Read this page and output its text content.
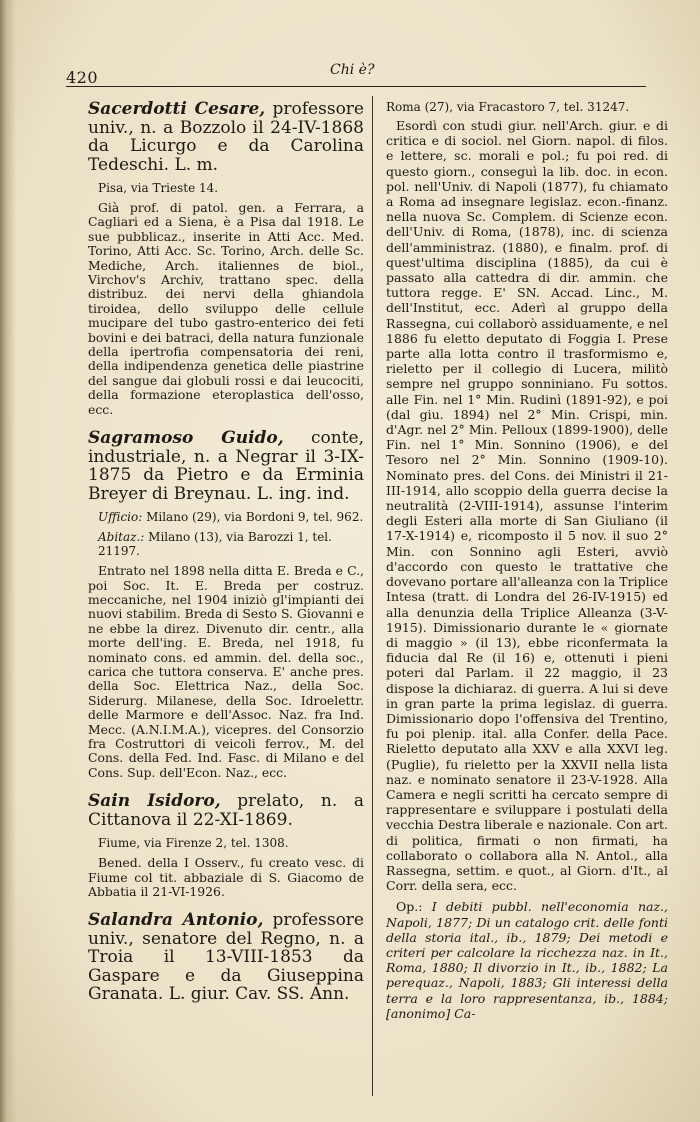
420	Chi è?

Sacerdotti Cesare, professore univ., n. a Bozzolo il 24-IV-1868 da Licurgo e da Carolina Tedeschi. L. m.

Pisa, via Trieste 14.

Già prof. di patol. gen. a Ferrara, a Cagliari ed a Siena, è a Pisa dal 1918. Le sue pubblicaz., inserite in Atti Acc. Med. Torino, Atti Acc. Sc. Torino, Arch. delle Sc. Mediche, Arch. italiennes de biol., Virchov's Archiv, trattano spec. della distribuz. dei nervi della ghiandola tiroidea, dello sviluppo delle cellule mucipare del tubo gastro-enterico dei feti bovini e dei batraci, della natura funzionale della ipertrofia compensatoria dei reni, della indipendenza genetica delle piastrine del sangue dai globuli rossi e dai leucociti, della formazione eteroplastica dell'osso, ecc.

Sagramoso Guido, conte, industriale, n. a Negrar il 3-IX-1875 da Pietro e da Erminia Breyer di Breynau. L. ing. ind.

Ufficio: Milano (29), via Bordoni 9, tel. 962.

Abitaz.: Milano (13), via Barozzi 1, tel. 21197.

Entrato nel 1898 nella ditta E. Breda e C., poi Soc. It. E. Breda per costruz. meccaniche, nel 1904 iniziò gl'impianti dei nuovi stabilim. Breda di Sesto S. Giovanni e ne ebbe la direz. Divenuto dir. centr., alla morte dell'ing. E. Breda, nel 1918, fu nominato cons. ed ammin. del. della soc., carica che tuttora conserva. E' anche pres. della Soc. Elettrica Naz., della Soc. Siderurg. Milanese, della Soc. Idroelettr. delle Marmore e dell'Assoc. Naz. fra Ind. Mecc. (A.N.I.M.A.), vicepres. del Consorzio fra Costruttori di veicoli ferrov., M. del Cons. della Fed. Ind. Fasc. di Milano e del Cons. Sup. dell'Econ. Naz., ecc.

Sain Isidoro, prelato, n. a Cittanova il 22-XI-1869.

Fiume, via Firenze 2, tel. 1308.

Bened. della I Osserv., fu creato vesc. di Fiume col tit. abbaziale di S. Giacomo de Abbatia il 21-VI-1926.

Salandra Antonio, professore univ., senatore del Regno, n. a Troia il 13-VIII-1853 da Gaspare e da Giuseppina Granata. L. giur. Cav. SS. Ann.

Roma (27), via Fracastoro 7, tel. 31247.

Esordì con studi giur. nell'Arch. giur. e di critica e di sociol. nel Giorn. napol. di filos. e lettere, sc. morali e pol.; fu poi red. di questo giorn., conseguì la lib. doc. in econ. pol. nell'Univ. di Napoli (1877), fu chiamato a Roma ad insegnare legislaz. econ.-finanz. nella nuova Sc. Complem. di Scienze econ. dell'Univ. di Roma, (1878), inc. di scienza dell'amministraz. (1880), e finalm. prof. di quest'ultima disciplina (1885), da cui è passato alla cattedra di dir. ammin. che tuttora regge. E' SN. Accad. Linc., M. dell'Institut, ecc. Aderì al gruppo della Rassegna, cui collaborò assiduamente, e nel 1886 fu eletto deputato di Foggia I. Prese parte alla lotta contro il trasformismo e, rieletto per il collegio di Lucera, militò sempre nel gruppo sonniniano. Fu sottos. alle Fin. nel 1° Min. Rudinì (1891-92), e poi (dal giu. 1894) nel 2° Min. Crispi, min. d'Agr. nel 2° Min. Pelloux (1899-1900), delle Fin. nel 1° Min. Sonnino (1906), e del Tesoro nel 2° Min. Sonnino (1909-10). Nominato pres. del Cons. dei Ministri il 21-III-1914, allo scoppio della guerra decise la neutralità (2-VIII-1914), assunse l'interim degli Esteri alla morte di San Giuliano (il 17-X-1914) e, ricomposto il 5 nov. il suo 2° Min. con Sonnino agli Esteri, avviò d'accordo con questo le trattative che dovevano portare all'alleanza con la Triplice Intesa (tratt. di Londra del 26-IV-1915) ed alla denunzia della Triplice Alleanza (3-V-1915). Dimissionario durante le « giornate di maggio » (il 13), ebbe riconfermata la fiducia dal Re (il 16) e, ottenuti i pieni poteri dal Parlam. il 22 maggio, il 23 dispose la dichiaraz. di guerra. A lui si deve in gran parte la prima legislaz. di guerra. Dimissionario dopo l'offensiva del Trentino, fu poi plenip. ital. alla Confer. della Pace. Rieletto deputato alla XXV e alla XXVI leg. (Puglie), fu rieletto per la XXVII nella lista naz. e nominato senatore il 23-V-1928. Alla Camera e negli scritti ha cercato sempre di rappresentare e sviluppare i postulati della vecchia Destra liberale e nazionale. Con art. di politica, firmati o non firmati, ha collaborato o collabora alla N. Antol., alla Rassegna, settim. e quot., al Giorn. d'It., al Corr. della sera, ecc.

Op.: I debiti pubbl. nell'economia naz., Napoli, 1877; Di un catalogo crit. delle fonti della storia ital., ib., 1879; Dei metodi e criteri per calcolare la ricchezza naz. in It., Roma, 1880; Il divorzio in It., ib., 1882; La perequaz., Napoli, 1883; Gli interessi della terra e la loro rappresentanza, ib., 1884; [anonimo] Ca-
